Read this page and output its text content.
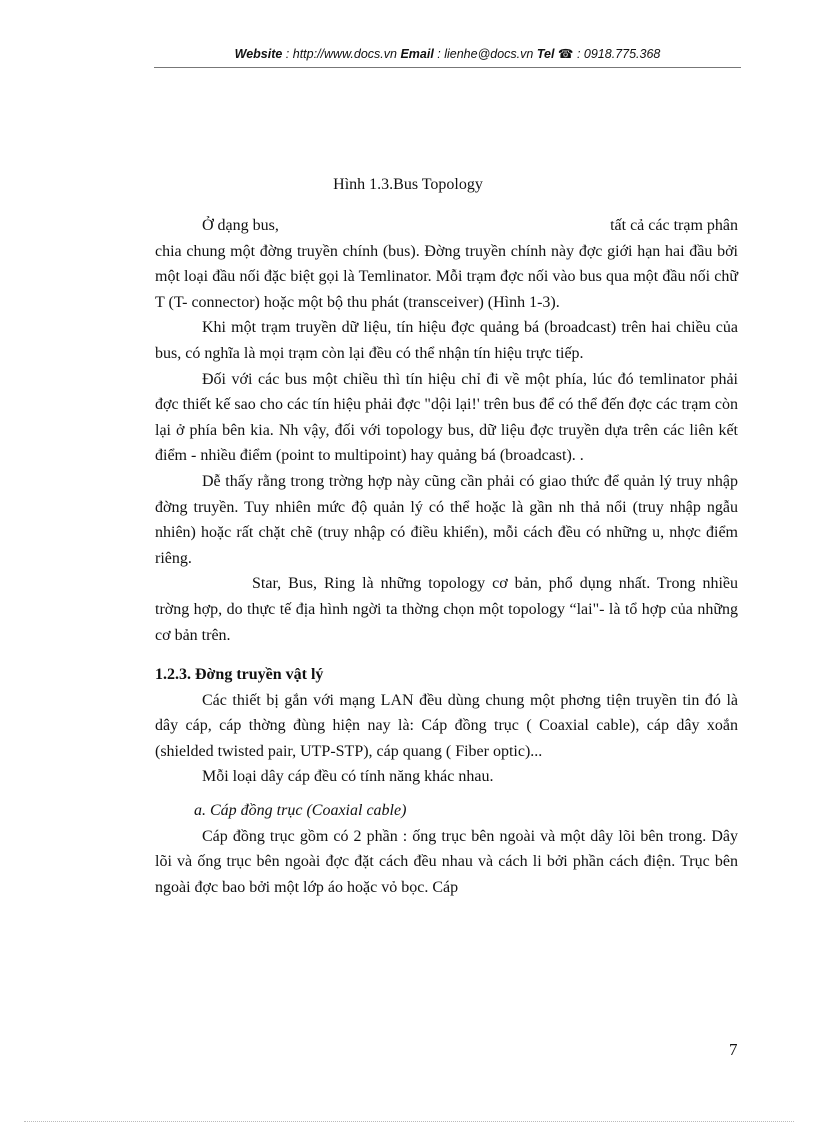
Website : http://www.docs.vn Email : lienhe@docs.vn Tel ☎ : 0918.775.368
Hình 1.3.Bus Topology

Ở dạng bus,	tất cả các trạm phân

chia chung một đờng truyền chính (bus). Đờng truyền chính này đợc giới hạn hai đầu bởi một loại đầu nối đặc biệt gọi là Temlinator. Mỗi trạm đợc nối vào bus qua một đầu nối chữ T (T- connector) hoặc một bộ thu phát (transceiver) (Hình 1-3).

Khi một trạm truyền dữ liệu, tín hiệu đợc quảng bá (broadcast) trên hai chiều của bus, có nghĩa là mọi trạm còn lại đều có thể nhận tín hiệu trực tiếp.

Đối với các bus một chiều thì tín hiệu chỉ đi về một phía, lúc đó temlinator phải đợc thiết kế sao cho các tín hiệu phải đợc "dội lại!' trên bus để có thể đến đợc các trạm còn lại ở phía bên kia. Nh vậy, đối với topology bus, dữ liệu đợc truyền dựa trên các liên kết điểm - nhiều điểm (point to multipoint) hay quảng bá (broadcast). .

Dễ thấy rằng trong trờng hợp này cũng cần phải có giao thức để quản lý truy nhập đờng truyền. Tuy nhiên mức độ quản lý có thể hoặc là gần nh thả nổi (truy nhập ngẫu nhiên) hoặc rất chặt chẽ (truy nhập có điều khiển), mỗi cách đều có những u, nhợc điểm riêng.

Star, Bus, Ring là những topology cơ bản, phổ dụng nhất. Trong nhiều trờng hợp, do thực tế địa hình ngời ta thờng chọn một topology “lai"- là tổ hợp của những cơ bản trên.

1.2.3. Đờng truyền vật lý

Các thiết bị gắn với mạng LAN đều dùng chung một phơng tiện truyền tin đó là dây cáp, cáp thờng đùng hiện nay là: Cáp đồng trục ( Coaxial cable), cáp dây xoắn (shielded twisted pair, UTP-STP), cáp quang ( Fiber optic)...

Mỗi loại dây cáp đều có tính năng khác nhau.

a. Cáp đồng trục (Coaxial cable)

Cáp đồng trục gồm có 2 phần : ống trục bên ngoài và một dây lõi bên trong. Dây lõi và ống trục bên ngoài đợc đặt cách đều nhau và cách li bởi phần cách điện. Trục bên ngoài đợc bao bởi một lớp áo hoặc vỏ bọc. Cáp

7
